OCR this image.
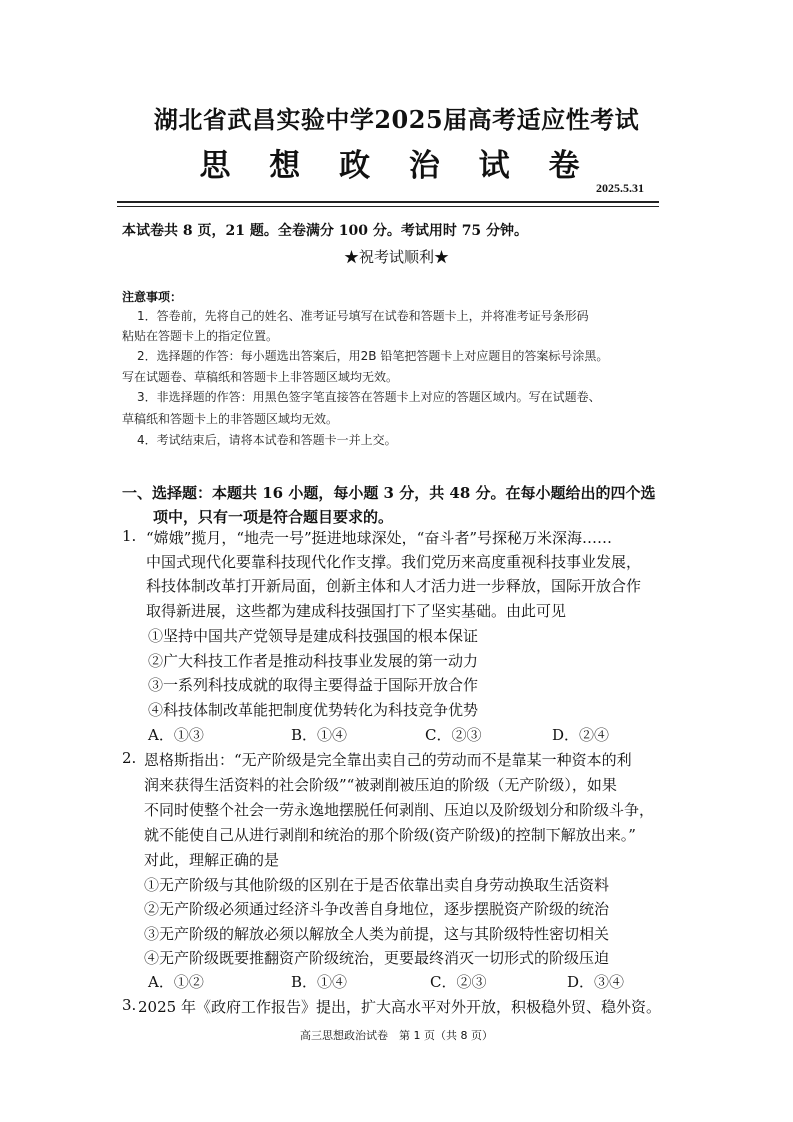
湖北省武昌实验中学2025届高考适应性考试
思 想 政 治 试 卷
2025.5.31
本试卷共 8 页，21 题。全卷满分 100 分。考试用时 75 分钟。
★祝考试顺利★
注意事项：
1．答卷前，先将自己的姓名、准考证号填写在试卷和答题卡上，并将准考证号条形码
粘贴在答题卡上的指定位置。
2．选择题的作答：每小题选出答案后，用2B 铅笔把答题卡上对应题目的答案标号涂黑。
写在试题卷、草稿纸和答题卡上非答题区域均无效。
3．非选择题的作答：用黑色签字笔直接答在答题卡上对应的答题区域内。写在试题卷、
草稿纸和答题卡上的非答题区域均无效。
4．考试结束后，请将本试卷和答题卡一并上交。
一、选择题：本题共 16 小题，每小题 3 分，共 48 分。在每小题给出的四个选
项中，只有一项是符合题目要求的。
1. “嫦娥”揽月，“地壳一号”挺进地球深处，“奋斗者”号探秘万米深海……
中国式现代化要靠科技现代化作支撑。我们党历来高度重视科技事业发展，
科技体制改革打开新局面，创新主体和人才活力进一步释放，国际开放合作
取得新进展，这些都为建成科技强国打下了坚实基础。由此可见
①坚持中国共产党领导是建成科技强国的根本保证
②广大科技工作者是推动科技事业发展的第一动力
③一系列科技成就的取得主要得益于国际开放合作
④科技体制改革能把制度优势转化为科技竞争优势
A．①③	B．①④	C．②③	D．②④
2. 恩格斯指出：“无产阶级是完全靠出卖自己的劳动而不是靠某一种资本的利
润来获得生活资料的社会阶级”“被剥削被压迫的阶级（无产阶级），如果
不同时使整个社会一劳永逸地摆脱任何剥削、压迫以及阶级划分和阶级斗争，
就不能使自己从进行剥削和统治的那个阶级(资产阶级)的控制下解放出来。”
对此，理解正确的是
①无产阶级与其他阶级的区别在于是否依靠出卖自身劳动换取生活资料
②无产阶级必须通过经济斗争改善自身地位，逐步摆脱资产阶级的统治
③无产阶级的解放必须以解放全人类为前提，这与其阶级特性密切相关
④无产阶级既要推翻资产阶级统治，更要最终消灭一切形式的阶级压迫
A．①②	B．①④	C．②③	D．③④
3. 2025 年《政府工作报告》提出，扩大高水平对外开放，积极稳外贸、稳外资。
高三思想政治试卷　第 1 页（共 8 页）
